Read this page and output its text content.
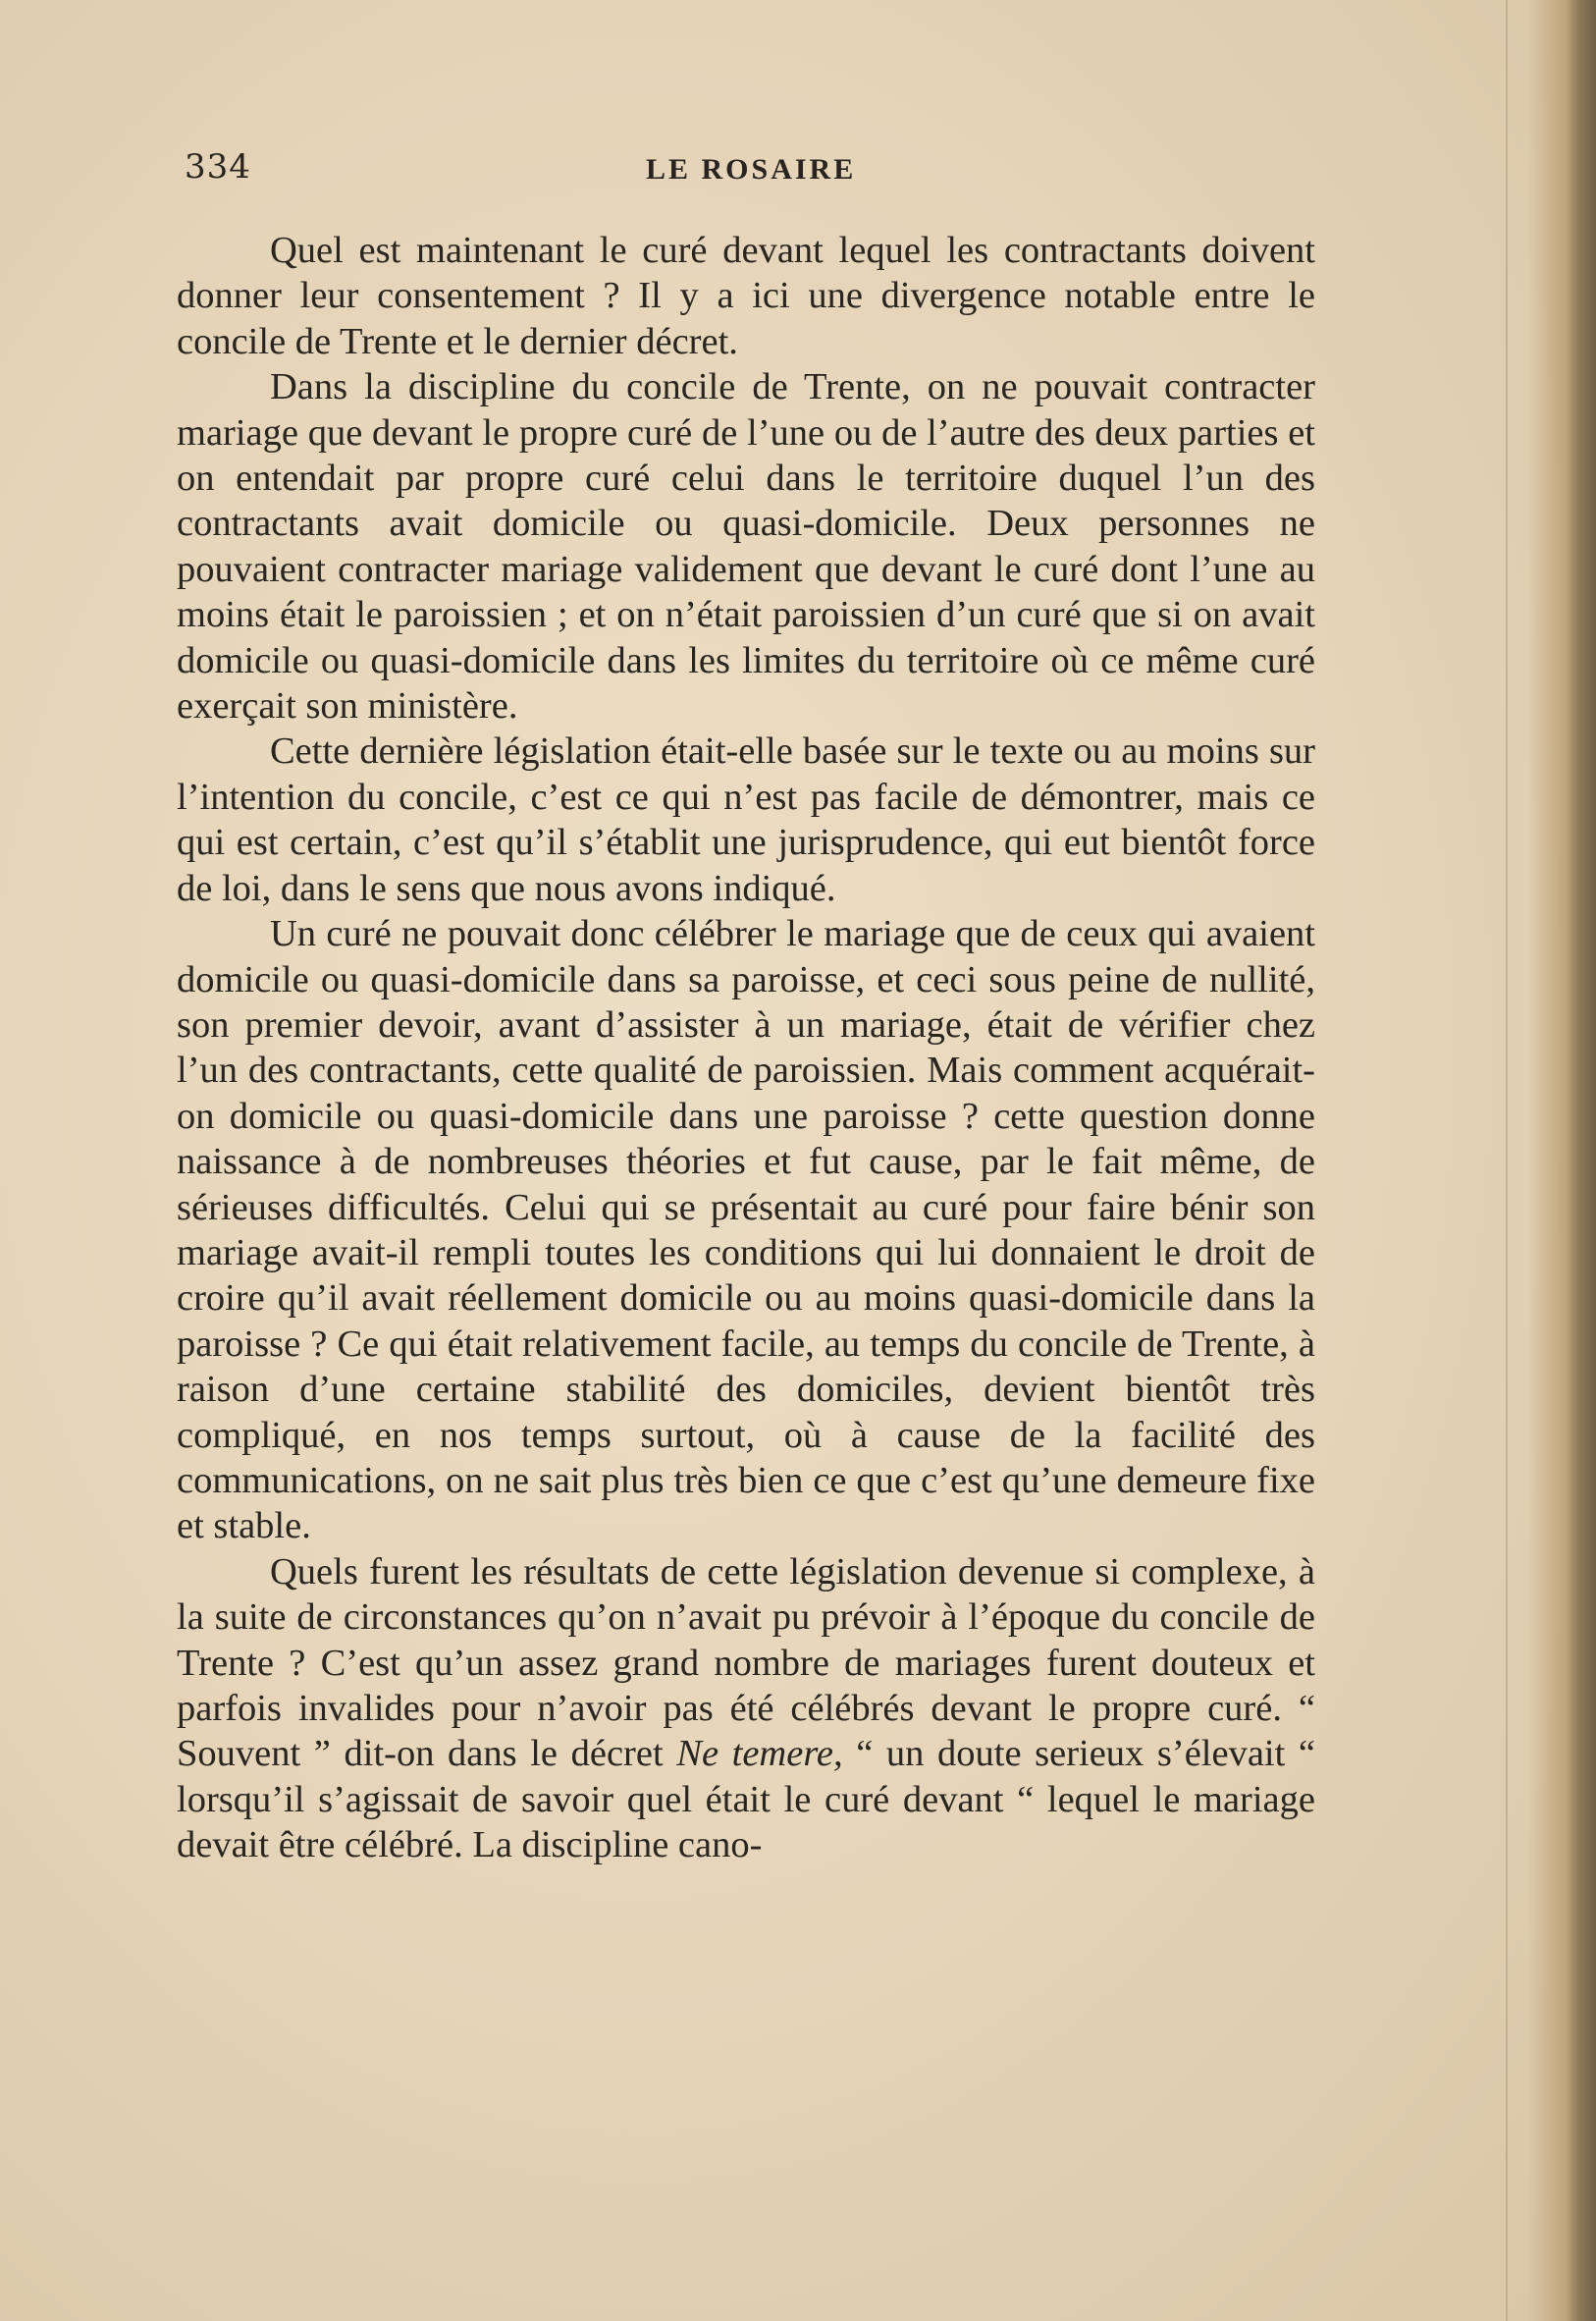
334	LE ROSAIRE

Quel est maintenant le curé devant lequel les contractants doivent donner leur consentement ? Il y a ici une divergence notable entre le concile de Trente et le dernier décret.

Dans la discipline du concile de Trente, on ne pouvait contracter mariage que devant le propre curé de l’une ou de l’autre des deux parties et on entendait par propre curé celui dans le territoire duquel l’un des contractants avait domicile ou quasi-domicile. Deux personnes ne pouvaient contracter mariage validement que devant le curé dont l’une au moins était le paroissien ; et on n’était paroissien d’un curé que si on avait domicile ou quasi-domicile dans les limites du territoire où ce même curé exerçait son ministère.

Cette dernière législation était-elle basée sur le texte ou au moins sur l’intention du concile, c’est ce qui n’est pas facile de démontrer, mais ce qui est certain, c’est qu’il s’établit une jurisprudence, qui eut bientôt force de loi, dans le sens que nous avons indiqué.

Un curé ne pouvait donc célébrer le mariage que de ceux qui avaient domicile ou quasi-domicile dans sa paroisse, et ceci sous peine de nullité, son premier devoir, avant d’assister à un mariage, était de vérifier chez l’un des contractants, cette qualité de paroissien. Mais comment acquérait-on domicile ou quasi-domicile dans une paroisse ? cette question donne naissance à de nombreuses théories et fut cause, par le fait même, de sérieuses difficultés. Celui qui se présentait au curé pour faire bénir son mariage avait-il rempli toutes les conditions qui lui donnaient le droit de croire qu’il avait réellement domicile ou au moins quasi-domicile dans la paroisse ? Ce qui était relativement facile, au temps du concile de Trente, à raison d’une certaine stabilité des domiciles, devient bientôt très compliqué, en nos temps surtout, où à cause de la facilité des communications, on ne sait plus très bien ce que c’est qu’une demeure fixe et stable.

Quels furent les résultats de cette législation devenue si complexe, à la suite de circonstances qu’on n’avait pu prévoir à l’époque du concile de Trente ? C’est qu’un assez grand nombre de mariages furent douteux et parfois invalides pour n’avoir pas été célébrés devant le propre curé. “ Souvent ” dit-on dans le décret Ne temere, “ un doute serieux s’élevait “ lorsqu’il s’agissait de savoir quel était le curé devant “ lequel le mariage devait être célébré. La discipline cano-
